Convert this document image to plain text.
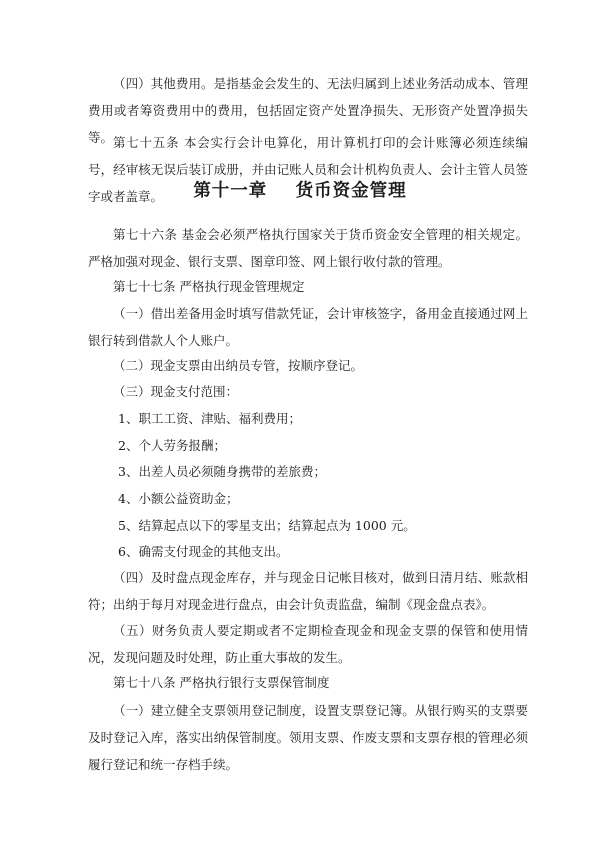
（四）其他费用。是指基金会发生的、无法归属到上述业务活动成本、管理费用或者筹资费用中的费用，包括固定资产处置净损失、无形资产处置净损失等。 第七十五条 本会实行会计电算化，用计算机打印的会计账簿必须连续编号，经审核无误后装订成册，并由记账人员和会计机构负责人、会计主管人员签字或者盖章。	第十一章    货币资金管理

第七十六条 基金会必须严格执行国家关于货币资金安全管理的相关规定。严格加强对现金、银行支票、图章印签、网上银行收付款的管理。

第七十七条 严格执行现金管理规定

（一）借出差备用金时填写借款凭证，会计审核签字，备用金直接通过网上银行转到借款人个人账户。

（二）现金支票由出纳员专管，按顺序登记。

（三）现金支付范围：

1、职工工资、津贴、福利费用；

2、个人劳务报酬；

3、出差人员必须随身携带的差旅费；

4、小额公益资助金；

5、结算起点以下的零星支出；结算起点为 1000 元。

6、确需支付现金的其他支出。

（四）及时盘点现金库存，并与现金日记帐目核对，做到日清月结、账款相符；出纳于每月对现金进行盘点，由会计负责监盘，编制《现金盘点表》。

（五）财务负责人要定期或者不定期检查现金和现金支票的保管和使用情况，发现问题及时处理，防止重大事故的发生。

第七十八条 严格执行银行支票保管制度

（一）建立健全支票领用登记制度，设置支票登记簿。从银行购买的支票要及时登记入库，落实出纳保管制度。领用支票、作废支票和支票存根的管理必须履行登记和统一存档手续。
